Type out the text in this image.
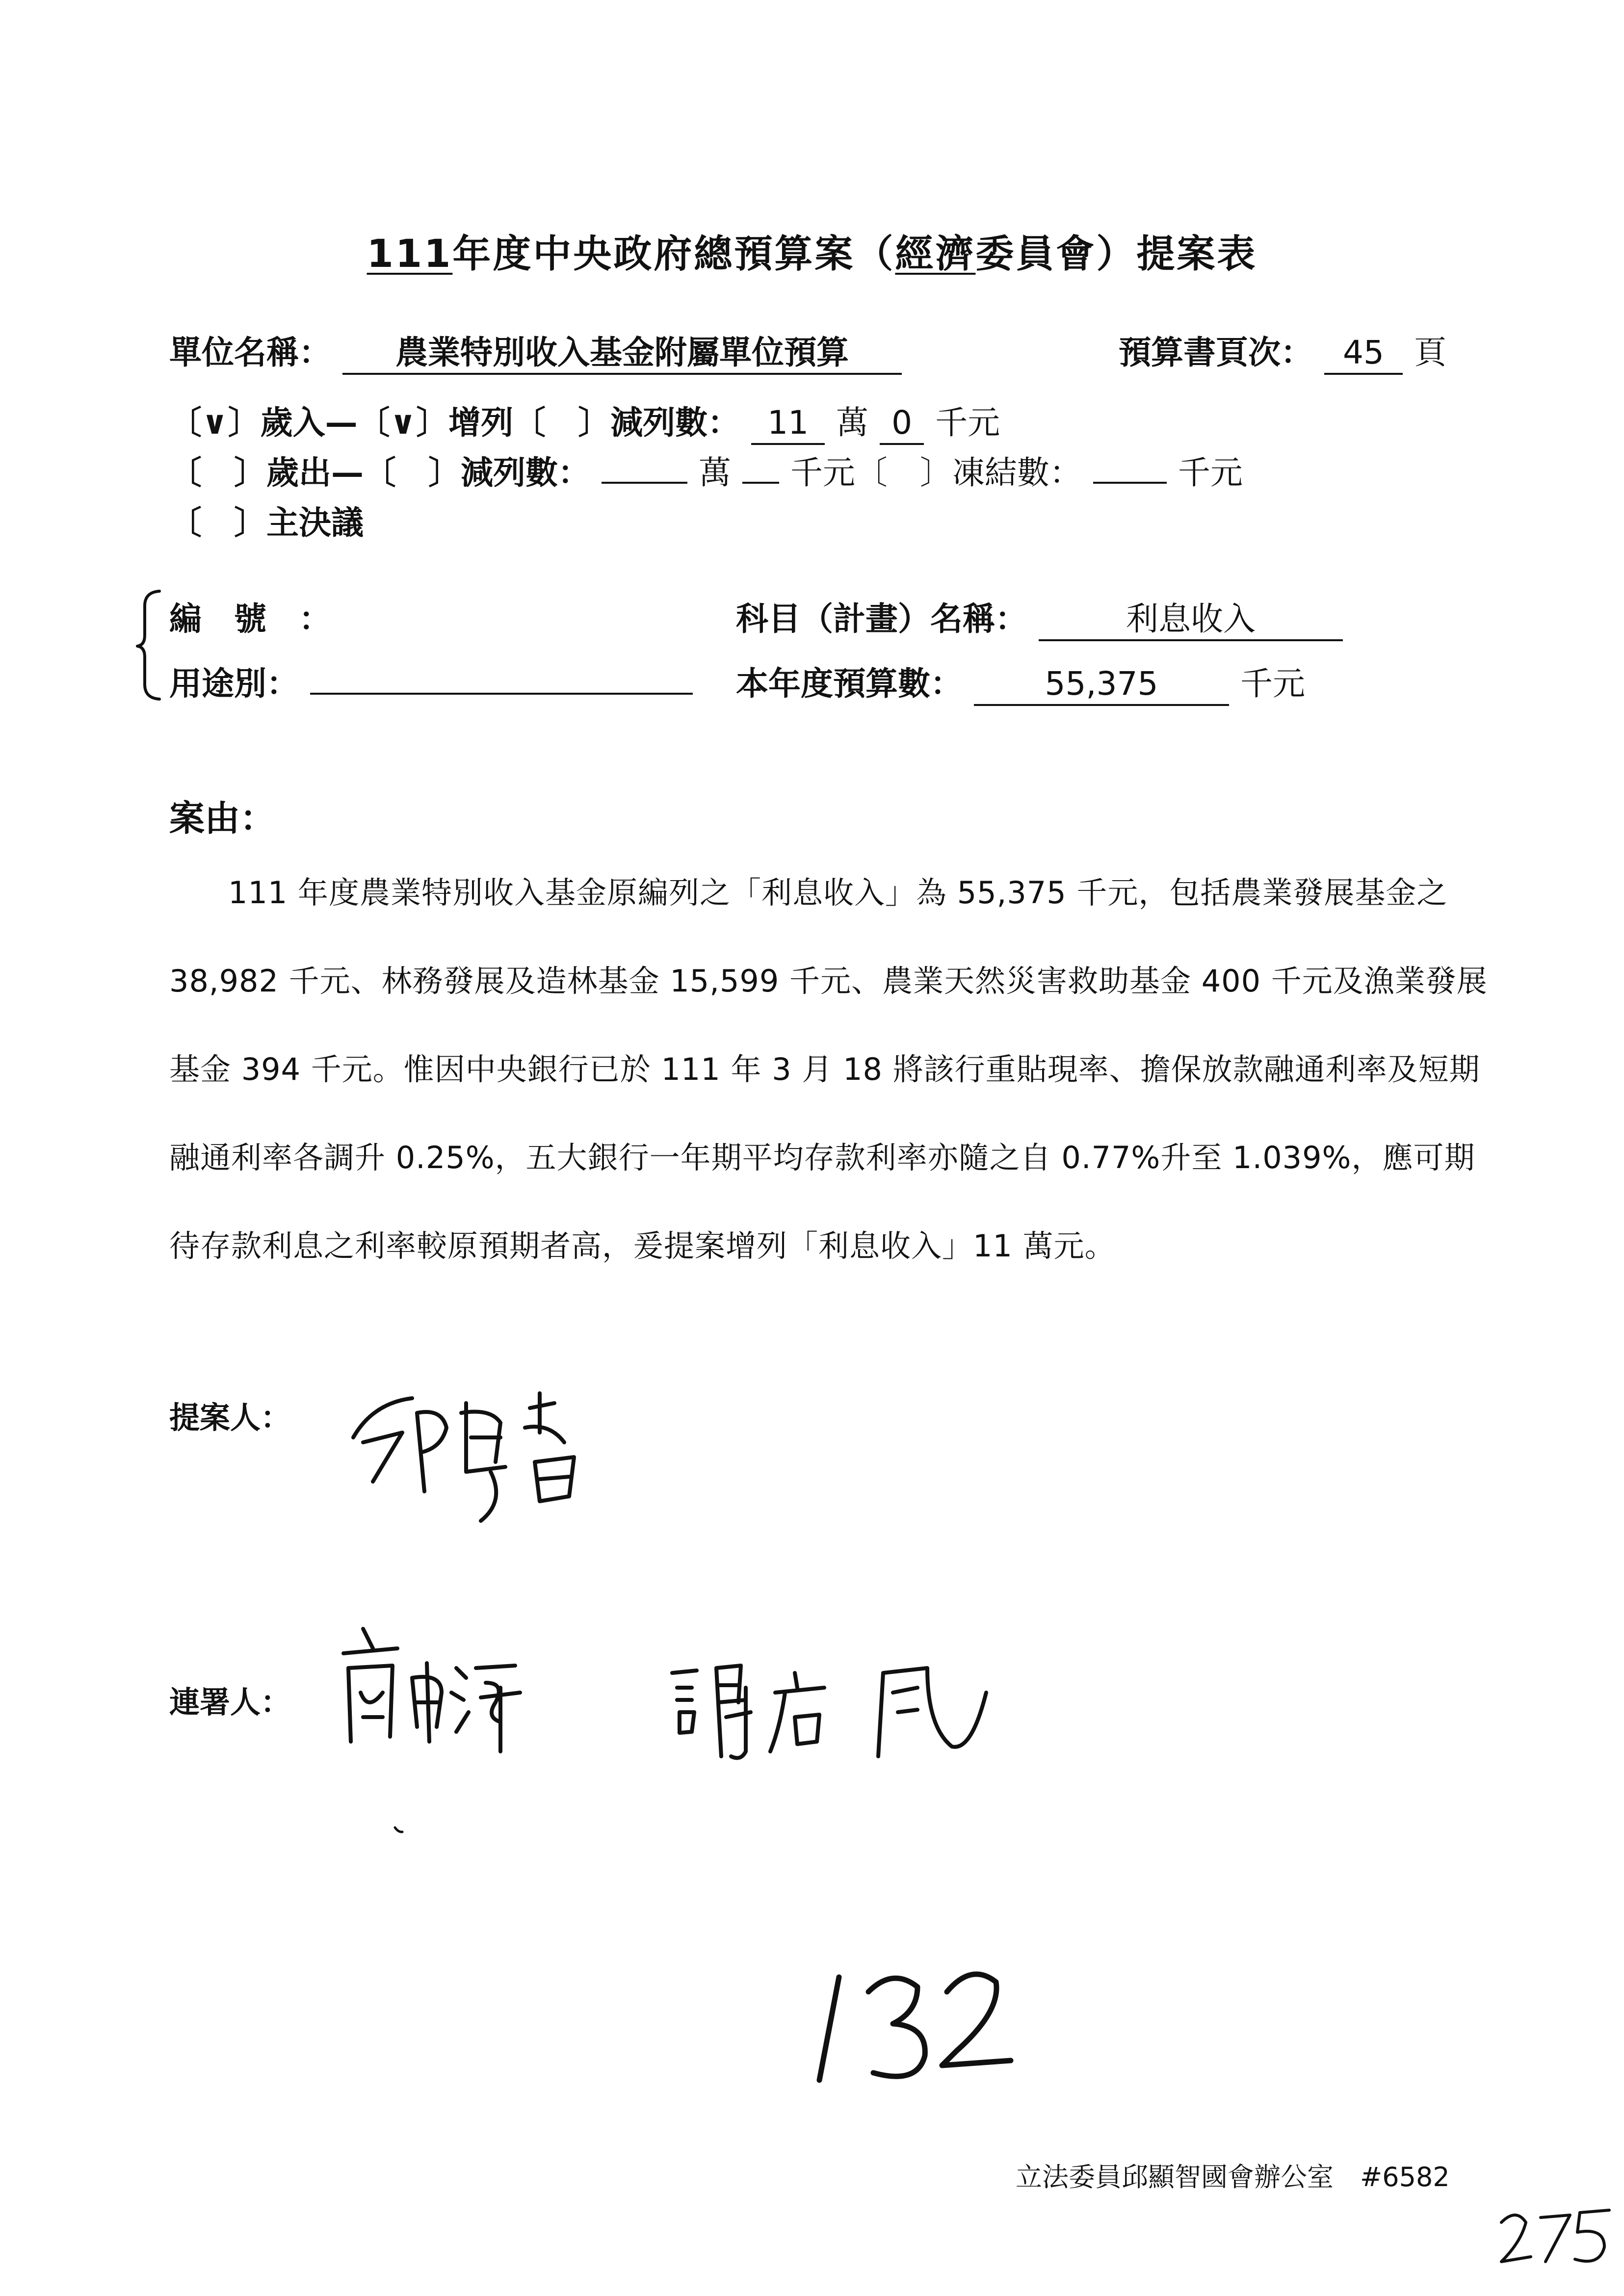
111年度中央政府總預算案（經濟委員會）提案表
單位名稱： 農業特別收入基金附屬單位預算	預算書頁次： 45 頁
〔∨〕歲入—〔∨〕增列〔　〕減列數： 11 萬 0 千元
〔　〕歲出—〔　〕減列數：	萬 千元〔　〕凍結數：	千元
〔　〕主決議
編　號　：
用途別：
科目（計畫）名稱：	利息收入
本年度預算數：	55,375	千元
案由：
111 年度農業特別收入基金原編列之「利息收入」為 55,375 千元，包括農業發展基金之 38,982 千元、林務發展及造林基金 15,599 千元、農業天然災害救助基金 400 千元及漁業發展基金 394 千元。惟因中央銀行已於 111 年 3 月 18 將該行重貼現率、擔保放款融通利率及短期融通利率各調升 0.25%，五大銀行一年期平均存款利率亦隨之自 0.77%升至 1.039%，應可期待存款利息之利率較原預期者高，爰提案增列「利息收入」11 萬元。
提案人：
連署人：
立法委員邱顯智國會辦公室　#6582
